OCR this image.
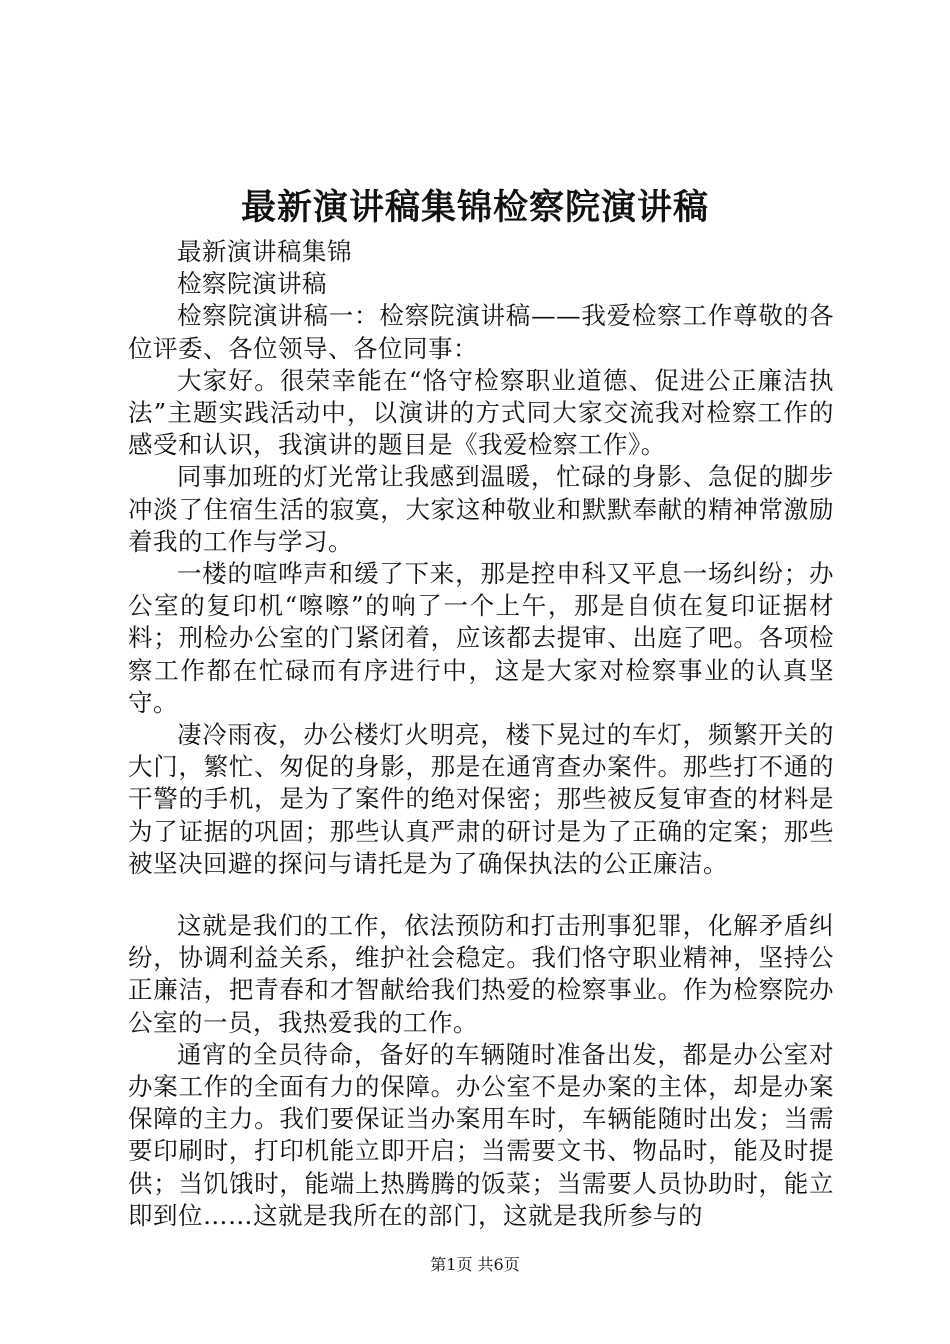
最新演讲稿集锦检察院演讲稿

最新演讲稿集锦

检察院演讲稿

检察院演讲稿一：检察院演讲稿——我爱检察工作尊敬的各位评委、各位领导、各位同事：

大家好。很荣幸能在“恪守检察职业道德、促进公正廉洁执法”主题实践活动中，以演讲的方式同大家交流我对检察工作的感受和认识，我演讲的题目是《我爱检察工作》。

同事加班的灯光常让我感到温暖，忙碌的身影、急促的脚步冲淡了住宿生活的寂寞，大家这种敬业和默默奉献的精神常激励着我的工作与学习。

一楼的喧哗声和缓了下来，那是控申科又平息一场纠纷；办公室的复印机“嚓嚓”的响了一个上午，那是自侦在复印证据材料；刑检办公室的门紧闭着，应该都去提审、出庭了吧。各项检察工作都在忙碌而有序进行中，这是大家对检察事业的认真坚守。

凄冷雨夜，办公楼灯火明亮，楼下晃过的车灯，频繁开关的大门，繁忙、匆促的身影，那是在通宵查办案件。那些打不通的干警的手机，是为了案件的绝对保密；那些被反复审查的材料是为了证据的巩固；那些认真严肃的研讨是为了正确的定案；那些被坚决回避的探问与请托是为了确保执法的公正廉洁。

这就是我们的工作，依法预防和打击刑事犯罪，化解矛盾纠纷，协调利益关系，维护社会稳定。我们恪守职业精神，坚持公正廉洁，把青春和才智献给我们热爱的检察事业。作为检察院办公室的一员，我热爱我的工作。

通宵的全员待命，备好的车辆随时准备出发，都是办公室对办案工作的全面有力的保障。办公室不是办案的主体，却是办案保障的主力。我们要保证当办案用车时，车辆能随时出发；当需要印刷时，打印机能立即开启；当需要文书、物品时，能及时提供；当饥饿时，能端上热腾腾的饭菜；当需要人员协助时，能立即到位……这就是我所在的部门，这就是我所参与的

第1页 共6页
